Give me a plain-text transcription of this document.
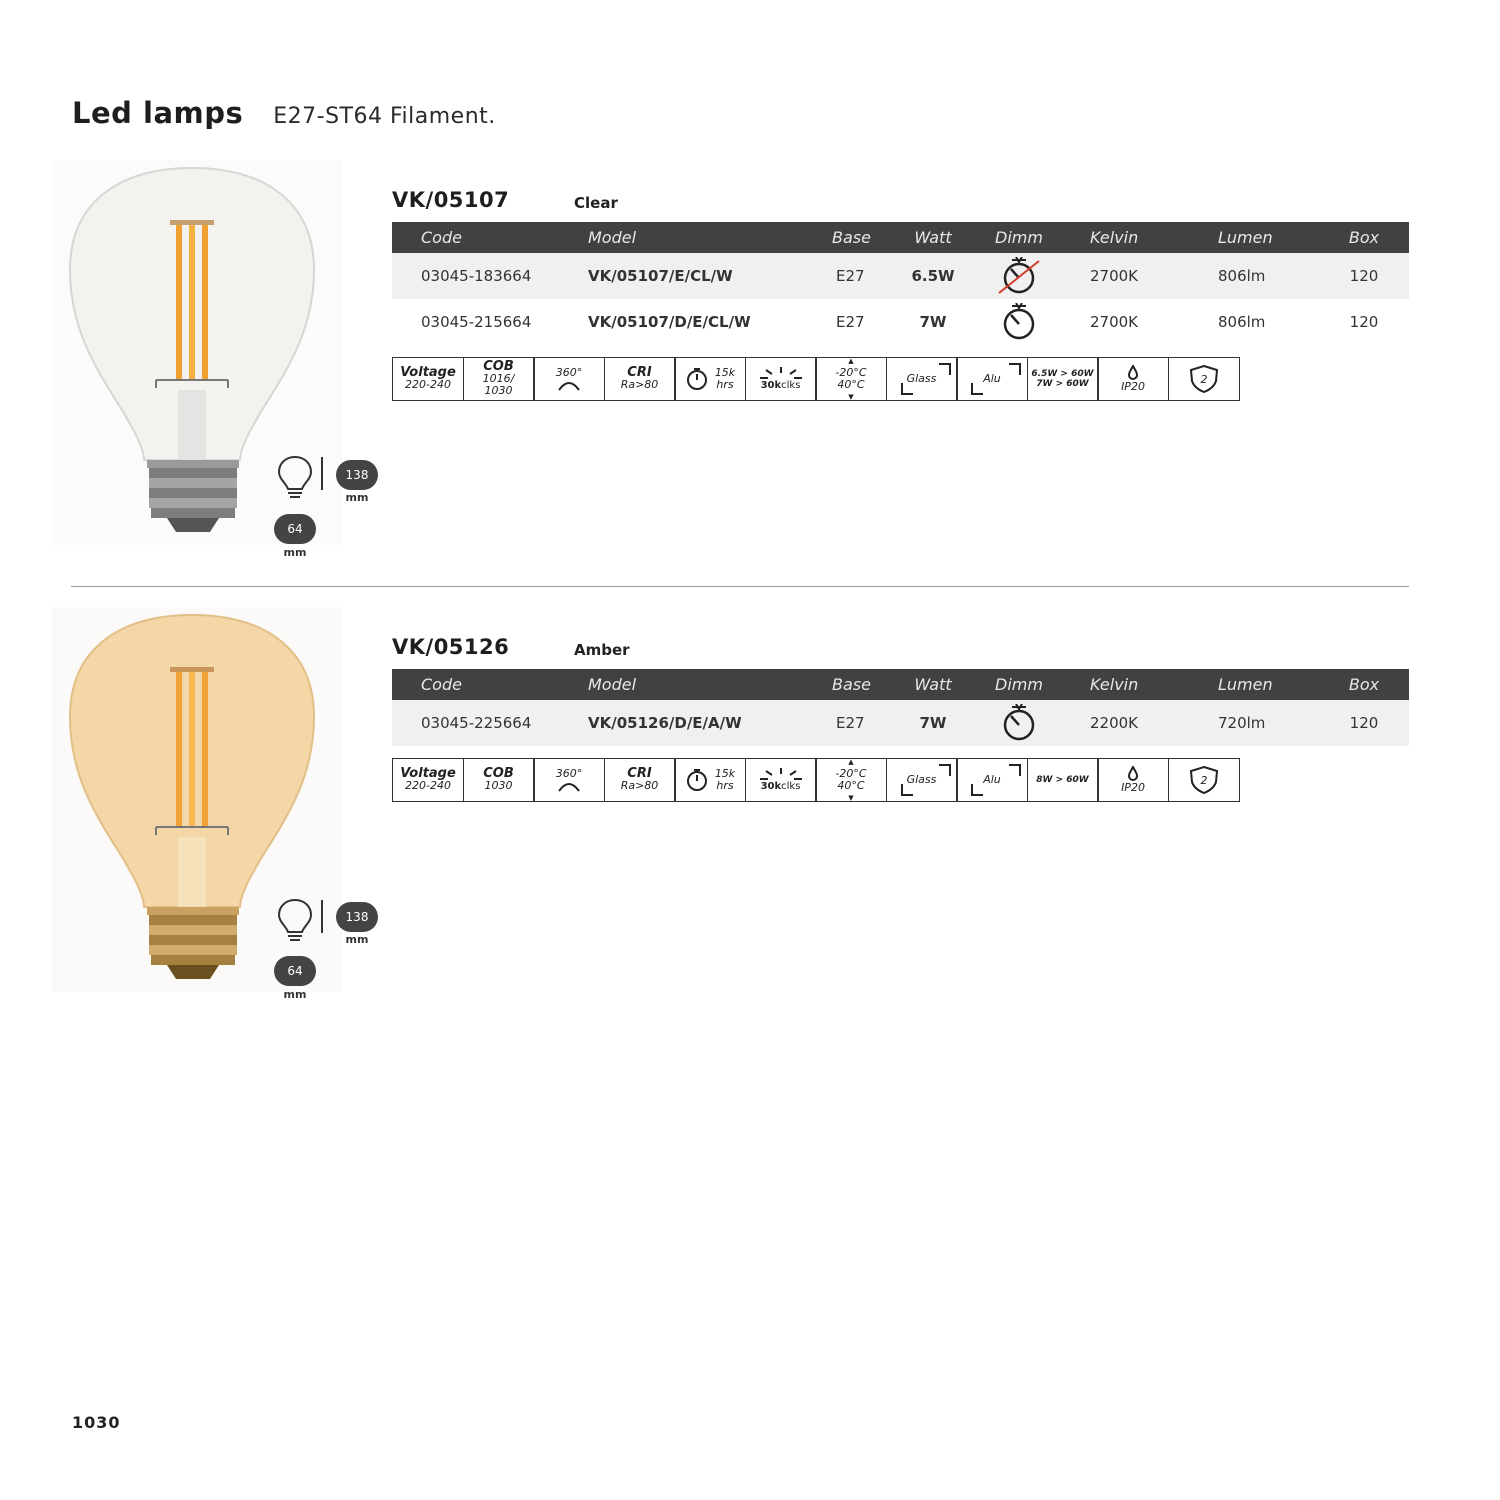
Led lamps E27-ST64 Filament.
138
mm
64
mm
VK/05107	Clear
Code	Model	Base	Watt	Dimm	Kelvin	Lumen	Box
03045-183664	VK/05107/E/CL/W	E27	6.5W	2700K	806lm	120
03045-215664	VK/05107/D/E/CL/W	E27	7W	2700K	806lm	120
Voltage
220-240
COB
1016/
1030
360°	CRI
Ra>80
15k
hrs	30kclks
▲
-20°C
40°C
▼
Glass	Alu	6.5W > 60W
7W > 60W	IP20
2
138
mm
64
mm
VK/05126	Amber
Code	Model	Base	Watt	Dimm	Kelvin	Lumen	Box
03045-225664	VK/05126/D/E/A/W	E27	7W	2200K	720lm	120
Voltage
220-240
COB
1030
360°	CRI
Ra>80
15k
hrs	30kclks
▲
-20°C
40°C
▼
Glass	Alu	8W > 60W
IP20
2
1030
